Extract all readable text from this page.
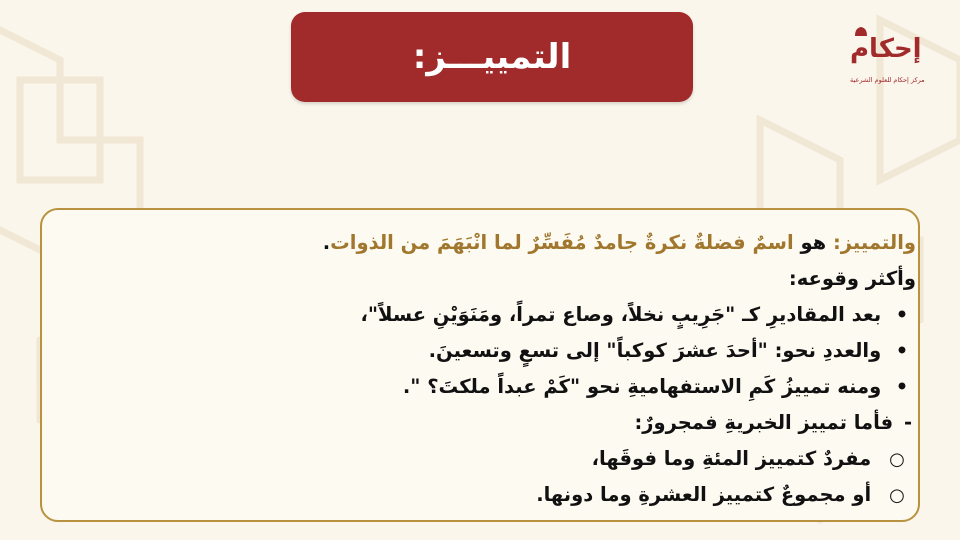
التمييـــز:	إحكام
مركز إحكام للعلوم الشرعية
والتمييز: هو اسمٌ فضلةٌ نكرةٌ جامدٌ مُفَسِّرٌ لما انْبَهَمَ من الذوات.
وأكثر وقوعه:
• بعد المقاديرِ كـ "جَرِيبٍ نخلاً، وصاع تمراً، ومَنَوَيْنِ عسلاً"،
• والعددِ نحو: "أحدَ عشرَ كوكباً" إلى تسعٍ وتسعينَ.
• ومنه تمييزُ كَمِ الاستفهاميةِ نحو "كَمْ عبداً ملكتَ؟ ".
- فأما تمييز الخبريةِ فمجرورٌ:
○ مفردٌ كتمييز المئةِ وما فوقَها،
○ أو مجموعٌ كتمييز العشرةِ وما دونها.
